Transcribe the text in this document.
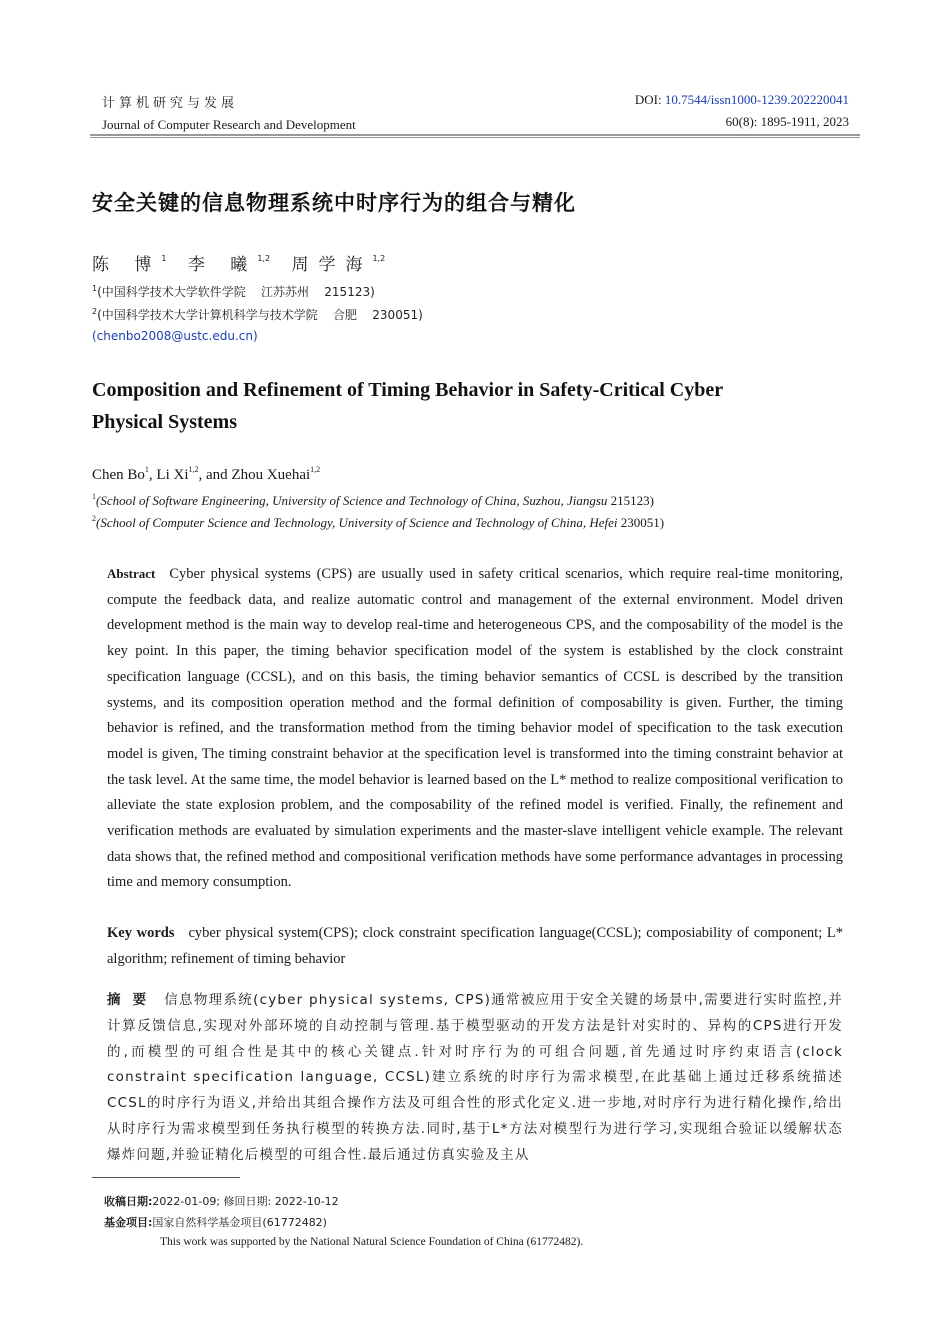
计算机研究与发展
Journal of Computer Research and Development
DOI: 10.7544/issn1000-1239.202220041
60(8): 1895-1911, 2023
安全关键的信息物理系统中时序行为的组合与精化
陈 博$^1$ 李 曦$^{1,2}$ 周学海$^{1,2}$
$^1$(中国科学技术大学软件学院    江苏苏州    215123)
$^2$(中国科学技术大学计算机科学与技术学院    合肥    230051)
(chenbo2008@ustc.edu.cn)
Composition and Refinement of Timing Behavior in Safety-Critical Cyber Physical Systems
Chen Bo$^1$, Li Xi$^{1,2}$, and Zhou Xuehai$^{1,2}$
$^1$(School of Software Engineering, University of Science and Technology of China, Suzhou, Jiangsu 215123)
$^2$(School of Computer Science and Technology, University of Science and Technology of China, Hefei 230051)
Abstract Cyber physical systems (CPS) are usually used in safety critical scenarios, which require real-time monitoring, compute the feedback data, and realize automatic control and management of the external environment. Model driven development method is the main way to develop real-time and heterogeneous CPS, and the composability of the model is the key point. In this paper, the timing behavior specification model of the system is established by the clock constraint specification language (CCSL), and on this basis, the timing behavior semantics of CCSL is described by the transition systems, and its composition operation method and the formal definition of composability is given. Further, the timing behavior is refined, and the transformation method from the timing behavior model of specification to the task execution model is given, The timing constraint behavior at the specification level is transformed into the timing constraint behavior at the task level. At the same time, the model behavior is learned based on the L* method to realize compositional verification to alleviate the state explosion problem, and the composability of the refined model is verified. Finally, the refinement and verification methods are evaluated by simulation experiments and the master-slave intelligent vehicle example. The relevant data shows that, the refined method and compositional verification methods have some performance advantages in processing time and memory consumption.
Key words cyber physical system(CPS); clock constraint specification language(CCSL); composiability of component; L* algorithm; refinement of timing behavior
摘要 信息物理系统(cyber physical systems, CPS)通常被应用于安全关键的场景中,需要进行实时监控,并计算反馈信息,实现对外部环境的自动控制与管理.基于模型驱动的开发方法是针对实时的、异构的CPS进行开发的,而模型的可组合性是其中的核心关键点.针对时序行为的可组合问题,首先通过时序约束语言(clock constraint specification language, CCSL)建立系统的时序行为需求模型,在此基础上通过迁移系统描述CCSL的时序行为语义,并给出其组合操作方法及可组合性的形式化定义.进一步地,对时序行为进行精化操作,给出从时序行为需求模型到任务执行模型的转换方法.同时,基于L*方法对模型行为进行学习,实现组合验证以缓解状态爆炸问题,并验证精化后模型的可组合性.最后通过仿真实验及主从
收稿日期:2022-01-09; 修回日期: 2022-10-12
基金项目:国家自然科学基金项目(61772482)
This work was supported by the National Natural Science Foundation of China (61772482).
